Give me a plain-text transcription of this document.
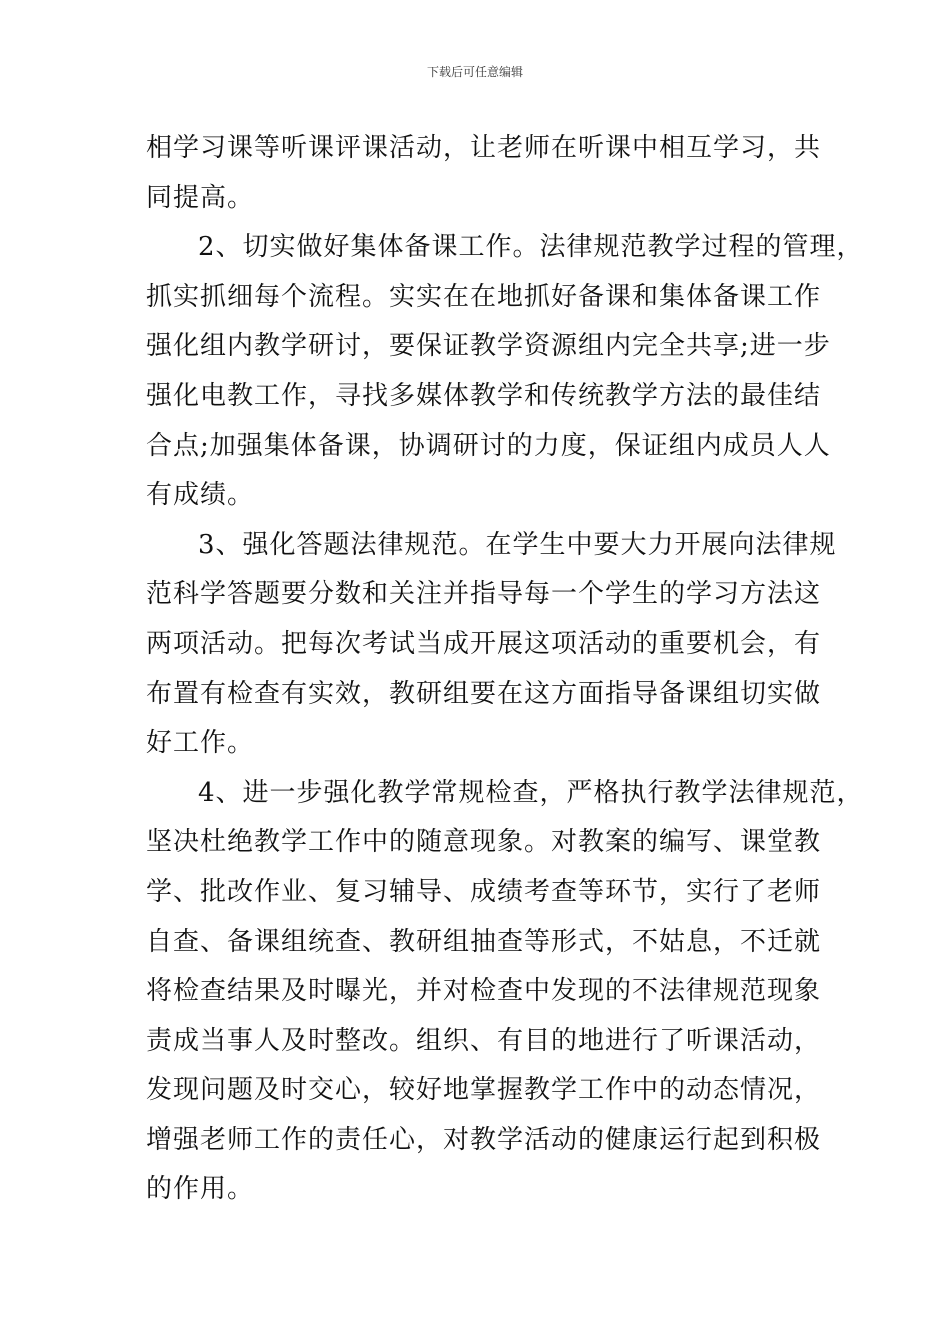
下载后可任意编辑
相学习课等听课评课活动，让老师在听课中相互学习，共
同提高。
2、切实做好集体备课工作。法律规范教学过程的管理，
抓实抓细每个流程。实实在在地抓好备课和集体备课工作
强化组内教学研讨，要保证教学资源组内完全共享;进一步
强化电教工作，寻找多媒体教学和传统教学方法的最佳结
合点;加强集体备课，协调研讨的力度，保证组内成员人人
有成绩。
3、强化答题法律规范。在学生中要大力开展向法律规
范科学答题要分数和关注并指导每一个学生的学习方法这
两项活动。把每次考试当成开展这项活动的重要机会，有
布置有检查有实效，教研组要在这方面指导备课组切实做
好工作。
4、进一步强化教学常规检查，严格执行教学法律规范，
坚决杜绝教学工作中的随意现象。对教案的编写、课堂教
学、批改作业、复习辅导、成绩考查等环节，实行了老师
自查、备课组统查、教研组抽查等形式，不姑息，不迁就
将检查结果及时曝光，并对检查中发现的不法律规范现象
责成当事人及时整改。组织、有目的地进行了听课活动，
发现问题及时交心，较好地掌握教学工作中的动态情况，
增强老师工作的责任心，对教学活动的健康运行起到积极
的作用。
